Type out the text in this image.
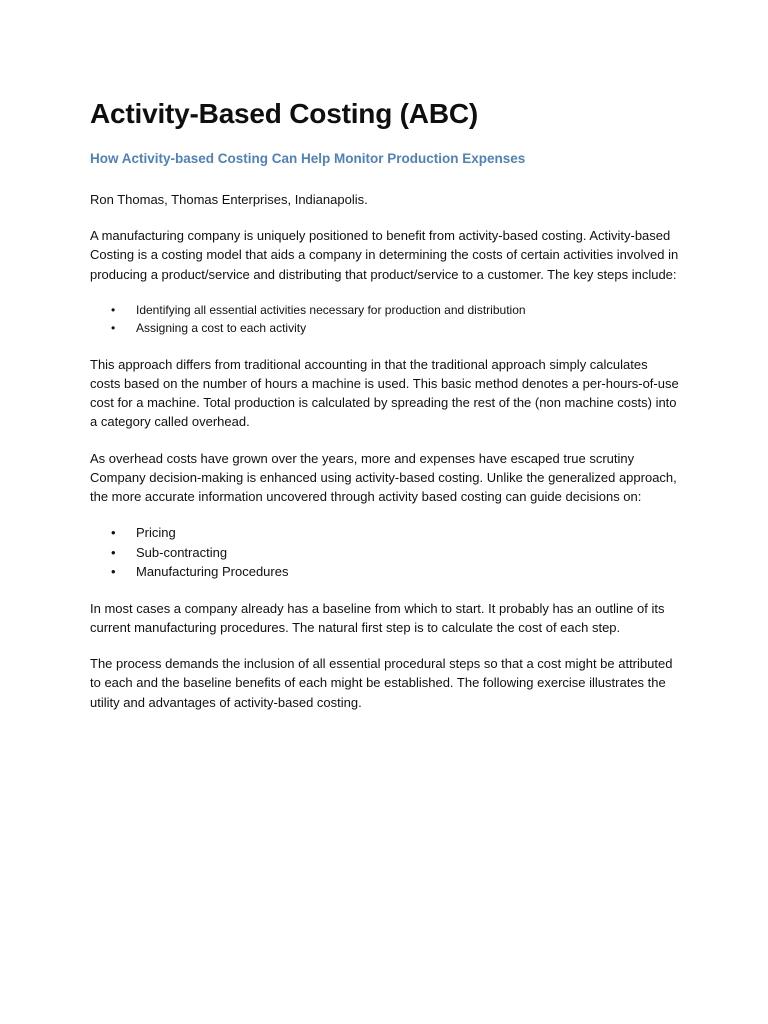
Activity-Based Costing (ABC)
How Activity-based Costing Can Help Monitor Production Expenses

Ron Thomas, Thomas Enterprises, Indianapolis.

A manufacturing company is uniquely positioned to benefit from activity-based costing. Activity-based Costing is a costing model that aids a company in determining the costs of certain activities involved in producing a product/service and distributing that product/service to a customer. The key steps include:

• Identifying all essential activities necessary for production and distribution
• Assigning a cost to each activity

This approach differs from traditional accounting in that the traditional approach simply calculates costs based on the number of hours a machine is used. This basic method denotes a per-hours-of-use cost for a machine. Total production is calculated by spreading the rest of the (non machine costs) into a category called overhead.

As overhead costs have grown over the years, more and expenses have escaped true scrutiny Company decision-making is enhanced using activity-based costing. Unlike the generalized approach, the more accurate information uncovered through activity based costing can guide decisions on:

• Pricing
• Sub-contracting
• Manufacturing Procedures

In most cases a company already has a baseline from which to start. It probably has an outline of its current manufacturing procedures. The natural first step is to calculate the cost of each step.

The process demands the inclusion of all essential procedural steps so that a cost might be attributed to each and the baseline benefits of each might be established. The following exercise illustrates the utility and advantages of activity-based costing.
